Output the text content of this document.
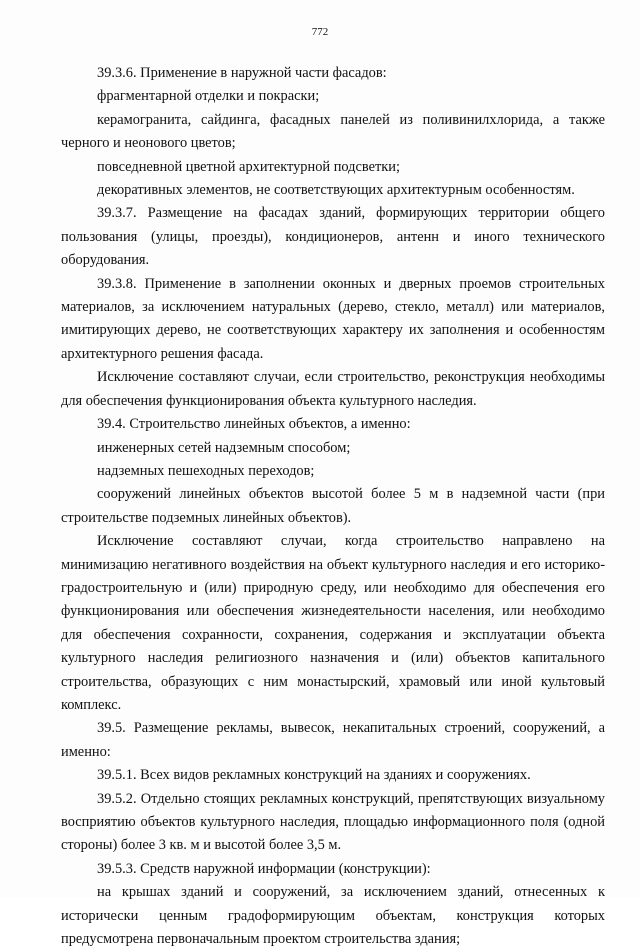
772

39.3.6. Применение в наружной части фасадов:

фрагментарной отделки и покраски;

керамогранита, сайдинга, фасадных панелей из поливинилхлорида, а также черного и неонового цветов;

повседневной цветной архитектурной подсветки;

декоративных элементов, не соответствующих архитектурным особенностям.

39.3.7. Размещение на фасадах зданий, формирующих территории общего пользования (улицы, проезды), кондиционеров, антенн и иного технического оборудования.

39.3.8. Применение в заполнении оконных и дверных проемов строительных материалов, за исключением натуральных (дерево, стекло, металл) или материалов, имитирующих дерево, не соответствующих характеру их заполнения и особенностям архитектурного решения фасада.

Исключение составляют случаи, если строительство, реконструкция необходимы для обеспечения функционирования объекта культурного наследия.

39.4. Строительство линейных объектов, а именно:

инженерных сетей надземным способом;

надземных пешеходных переходов;

сооружений линейных объектов высотой более 5 м в надземной части (при строительстве подземных линейных объектов).

Исключение составляют случаи, когда строительство направлено на минимизацию негативного воздействия на объект культурного наследия и его историко-градостроительную и (или) природную среду, или необходимо для обеспечения его функционирования или обеспечения жизнедеятельности населения, или необходимо для обеспечения сохранности, сохранения, содержания и эксплуатации объекта культурного наследия религиозного назначения и (или) объектов капитального строительства, образующих с ним монастырский, храмовый или иной культовый комплекс.

39.5. Размещение рекламы, вывесок, некапитальных строений, сооружений, а именно:

39.5.1. Всех видов рекламных конструкций на зданиях и сооружениях.

39.5.2. Отдельно стоящих рекламных конструкций, препятствующих визуальному восприятию объектов культурного наследия, площадью информационного поля (одной стороны) более 3 кв. м и высотой более 3,5 м.

39.5.3. Средств наружной информации (конструкции):

на крышах зданий и сооружений, за исключением зданий, отнесенных к исторически ценным градоформирующим объектам, конструкция которых предусмотрена первоначальным проектом строительства здания;
